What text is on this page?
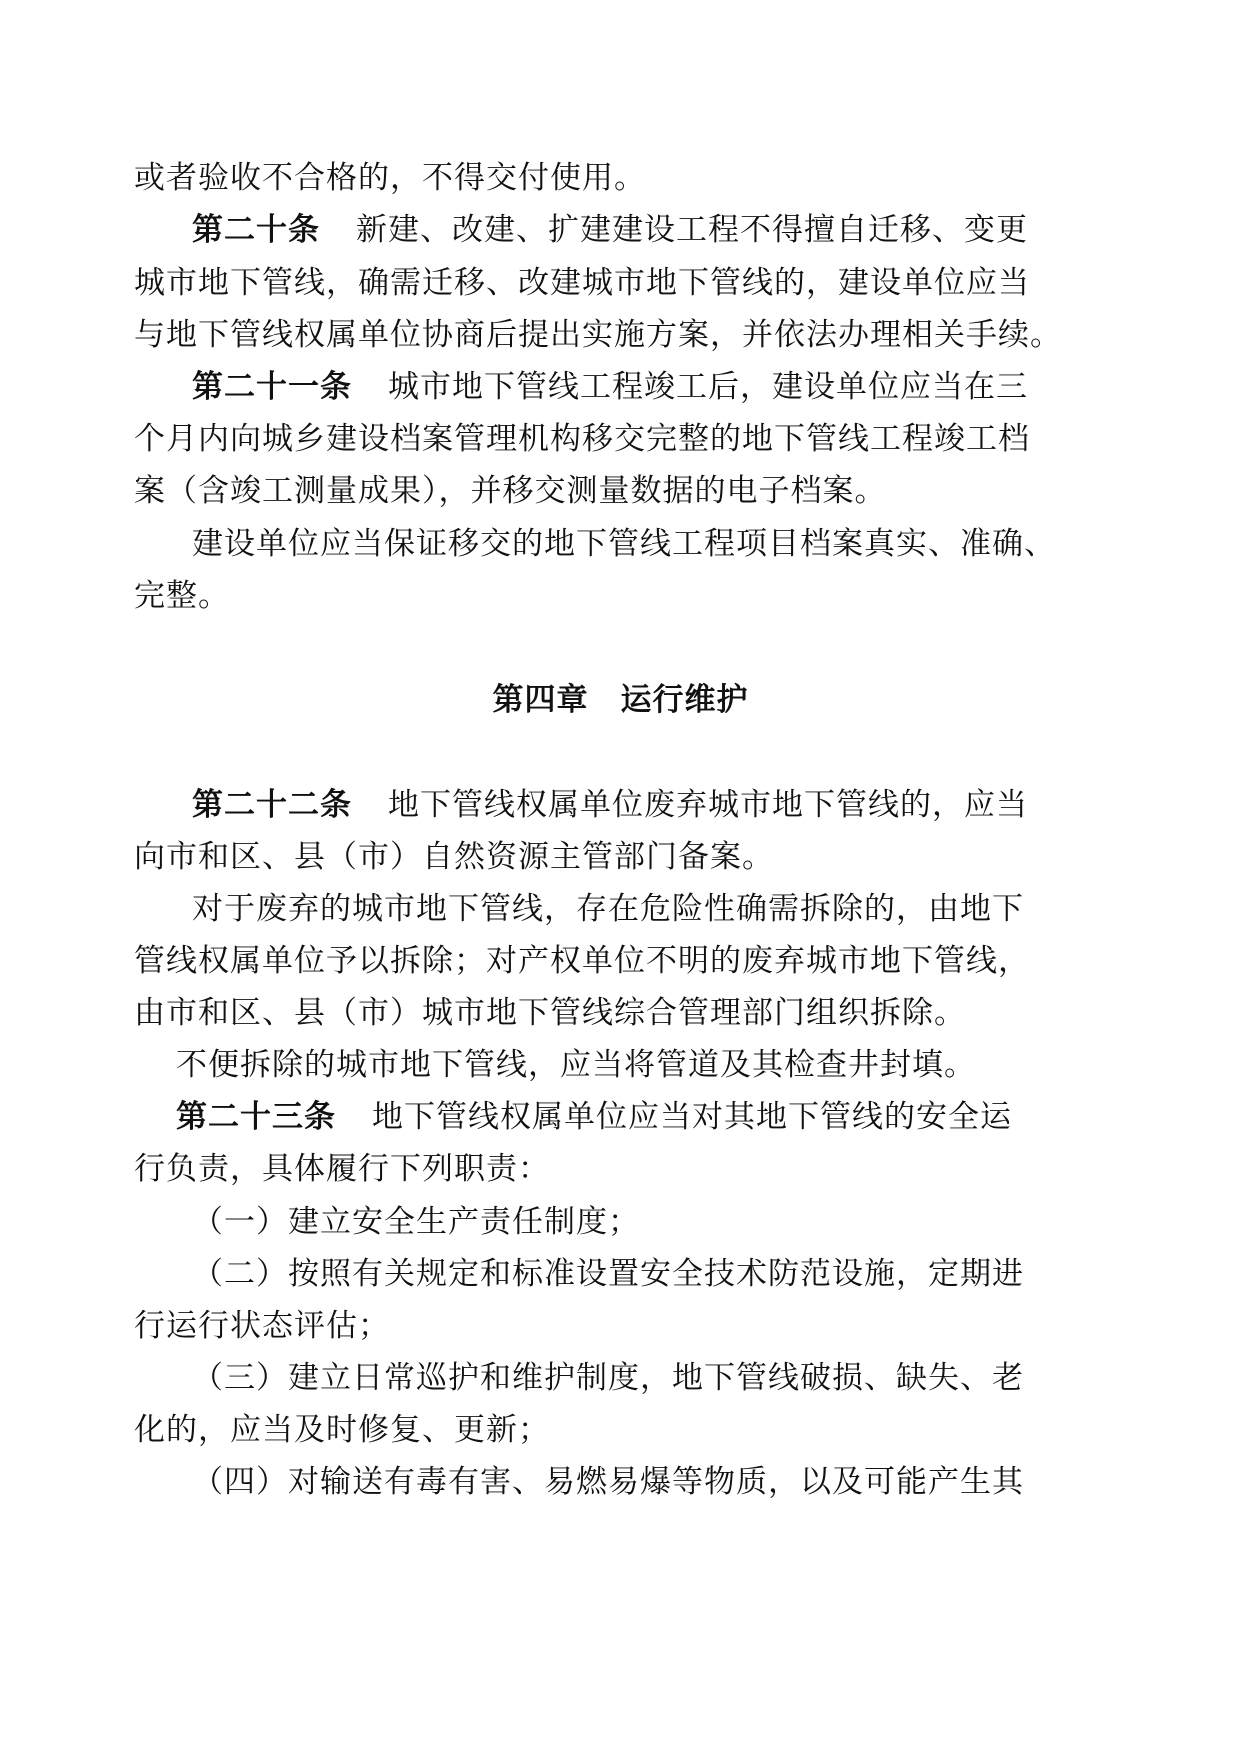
或者验收不合格的，不得交付使用。
第二十条 新建、改建、扩建建设工程不得擅自迁移、变更
城市地下管线，确需迁移、改建城市地下管线的，建设单位应当
与地下管线权属单位协商后提出实施方案，并依法办理相关手续。
第二十一条 城市地下管线工程竣工后，建设单位应当在三
个月内向城乡建设档案管理机构移交完整的地下管线工程竣工档
案（含竣工测量成果），并移交测量数据的电子档案。
建设单位应当保证移交的地下管线工程项目档案真实、准确、
完整。
第四章　运行维护
第二十二条 地下管线权属单位废弃城市地下管线的，应当
向市和区、县（市）自然资源主管部门备案。
对于废弃的城市地下管线，存在危险性确需拆除的，由地下
管线权属单位予以拆除；对产权单位不明的废弃城市地下管线，
由市和区、县（市）城市地下管线综合管理部门组织拆除。
不便拆除的城市地下管线，应当将管道及其检查井封填。
第二十三条 地下管线权属单位应当对其地下管线的安全运
行负责，具体履行下列职责：
（一）建立安全生产责任制度；
（二）按照有关规定和标准设置安全技术防范设施，定期进
行运行状态评估；
（三）建立日常巡护和维护制度，地下管线破损、缺失、老
化的，应当及时修复、更新；
（四）对输送有毒有害、易燃易爆等物质，以及可能产生其
